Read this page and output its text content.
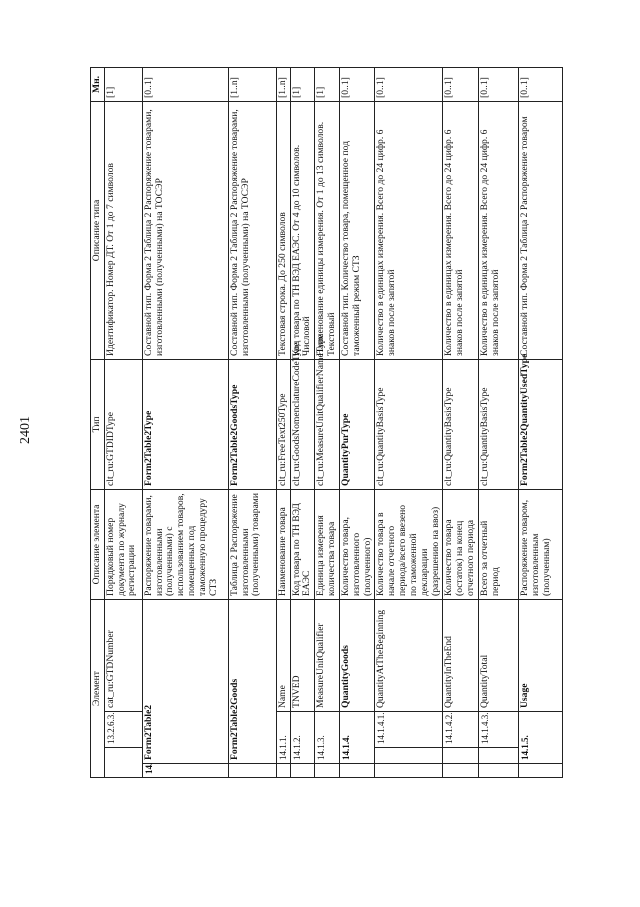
2401
Элемент				Описание элемента	Тип	Описание типа	Мн.
		13.2.6.3.	cat_ru:GTDNumber	Порядковый номер документа по журналу регистрации	clt_ru:GTDIDType	Идентификатор. Номер ДТ. От 1 до 7 символов	[1]
14.	Form2Table2			Распоряжение товарами, изготовленными (полученными) с использованием товаров, помещенных под таможенную процедуру СТЗ	Form2Table2Type	Составной тип. Форма 2 Таблица 2 Распоряжение товарами, изготовленными (полученными) на ТОСЭР	[0..1]
	Form2Table2Goods			Таблица 2 Распоряжение изготовленными (полученными) товарами	Form2Table2GoodsType	Составной тип. Форма 2 Таблица 2 Распоряжение товарами, изготовленными (полученными) на ТОСЭР	[1..n]
	14.1.1.		Name	Наименование товара	clt_ru:FreeText250Type	Текстовая строка. До 250 символов	[1..n]
	14.1.2.		TNVED	Код товара по ТН ВЭД ЕАЭС	clt_ru:GoodsNomenclatureCodeType	Код товара по ТН ВЭД ЕАЭС. От 4 до 10 символов. Числовой	[1]
	14.1.3.		MeasureUnitQualifier	Единица измерения количества товара	clt_ru:MeasureUnitQualifierNameType	Наименование единицы измерения. От 1 до 13 символов. Текстовый	[1]
	14.1.4.		QuantityGoods	Количество товара, изготовленного (полученного)	QuantityPurType	Составной тип. Количество товара, помещенное под таможенный режим СТЗ	[0..1]
		14.1.4.1.	QuantityAtTheBeginning	Количество товара в начале отчетного периода/всего ввезено по таможенной декларации (разрешению на ввоз)	clt_ru:QuantityBasisType	Количество в единицах измерения. Всего до 24 цифр. 6 знаков после запятой	[0..1]
		14.1.4.2.	QuantityInTheEnd	Количество товара (остаток) на конец отчетного периода	clt_ru:QuantityBasisType	Количество в единицах измерения. Всего до 24 цифр. 6 знаков после запятой	[0..1]
		14.1.4.3.	QuantityTotal	Всего за отчетный период	clt_ru:QuantityBasisType	Количество в единицах измерения. Всего до 24 цифр. 6 знаков после запятой	[0..1]
	14.1.5.		Usage	Распоряжение товаром, изготовленным (полученным)	Form2Table2QuantityUsedType	Составной тип. Форма 2 Таблица 2 Распоряжение товаром	[0..1]
